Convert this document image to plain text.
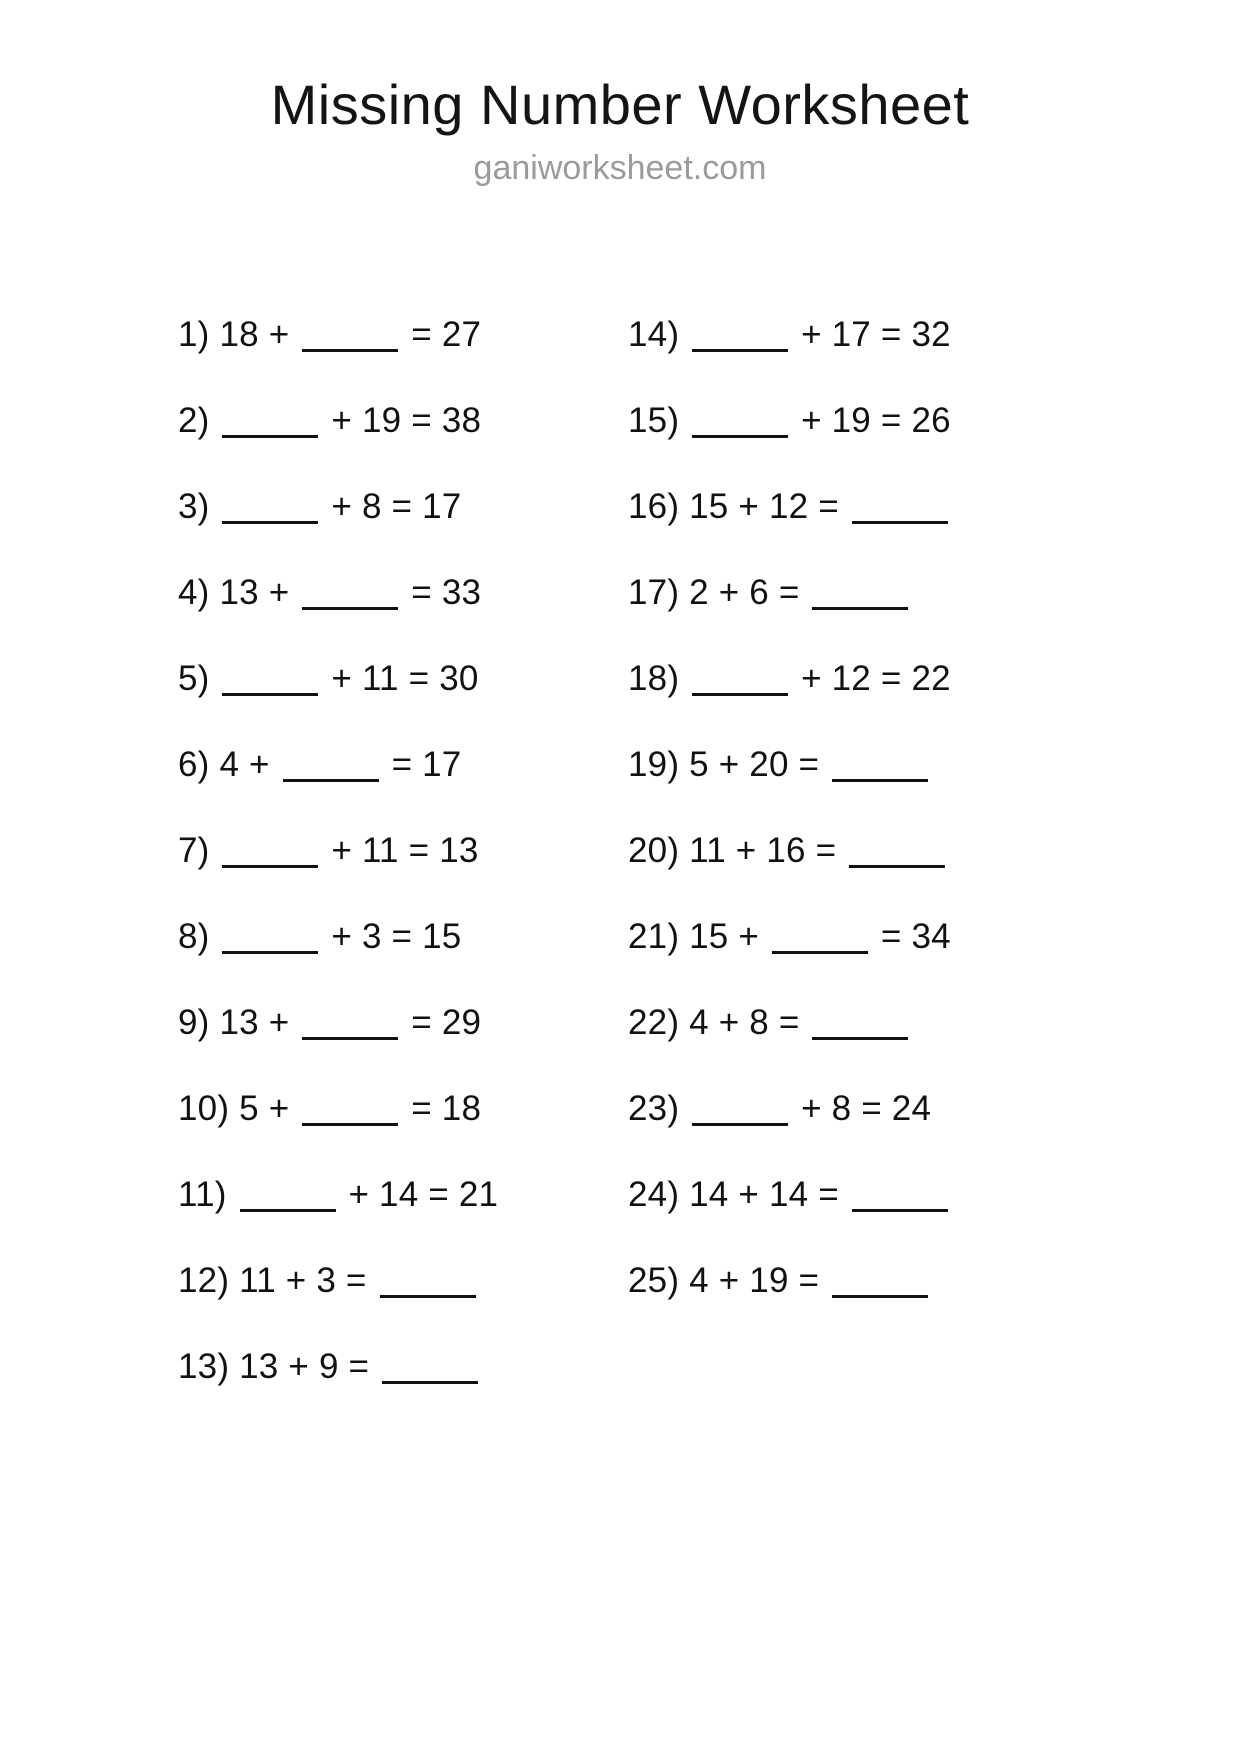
Missing Number Worksheet

ganiworksheet.com

1) 18 +	= 27
2)	+ 19 = 38
3)	+ 8 = 17
4) 13 +	= 33
5)	+ 11 = 30
6) 4 +	= 17
7)	+ 11 = 13
8)	+ 3 = 15
9) 13 +	= 29
10) 5 +	= 18
11)	+ 14 = 21
12) 11 + 3 =
13) 13 + 9 =
14)	+ 17 = 32
15)	+ 19 = 26
16) 15 + 12 =
17) 2 + 6 =
18)	+ 12 = 22
19) 5 + 20 =
20) 11 + 16 =
21) 15 +	= 34
22) 4 + 8 =
23)	+ 8 = 24
24) 14 + 14 =
25) 4 + 19 =
